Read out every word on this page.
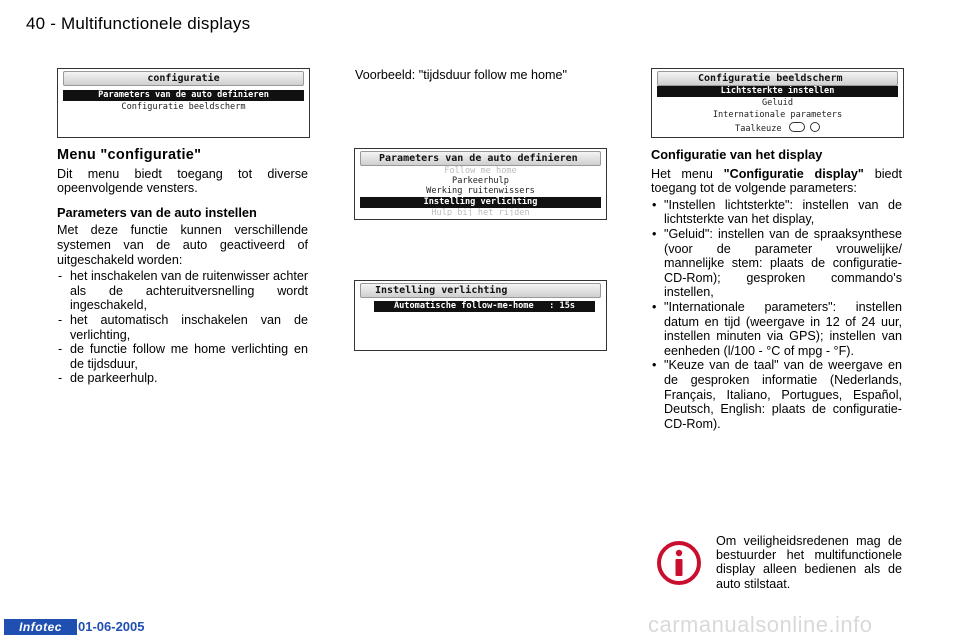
40 - Multifunctionele displays
configuratie
Parameters van de auto definieren
Configuratie beeldscherm
Parameters van de auto definieren
Follow me home
Parkeerhulp
Werking ruitenwissers
Instelling verlichting
Hulp bij het rijden
Instelling verlichting
Automatische follow-me-home   : 15s
Configuratie beeldscherm
Lichtsterkte instellen
Geluid
Internationale parameters
Taalkeuze
Voorbeeld: "tijdsduur follow me home"
Menu "configuratie"

Dit menu biedt toegang tot diverse opeenvolgende vensters.

Parameters van de auto instellen

Met deze functie kunnen verschillende systemen van de auto geactiveerd of uitgeschakeld worden:

- het inschakelen van de ruitenwisser achter als de achteruitversnelling wordt ingeschakeld,
- het automatisch inschakelen van de verlichting,
- de functie follow me home verlichting en de tijdsduur,
- de parkeerhulp.
Configuratie van het display

Het menu "Configuratie display" biedt toegang tot de volgende parameters:

• "Instellen lichtsterkte": instellen van de lichtsterkte van het display,
• "Geluid": instellen van de spraaksynthese (voor de parameter vrouwelijke/ mannelijke stem: plaats de configuratie-CD-Rom); gesproken commando's instellen,
• "Internationale parameters": instellen datum en tijd (weergave in 12 of 24 uur, instellen minuten via GPS); instellen van eenheden (l/100 - °C of mpg - °F).
• "Keuze van de taal" van de weergave en de gesproken informatie (Nederlands, Français, Italiano, Portugues, Español, Deutsch, English: plaats de configuratie-CD-Rom).
Om veiligheidsredenen mag de bestuurder het multifunctionele display alleen bedienen als de auto stilstaat.
Infotec	01-06-2005	carmanualsonline.info
